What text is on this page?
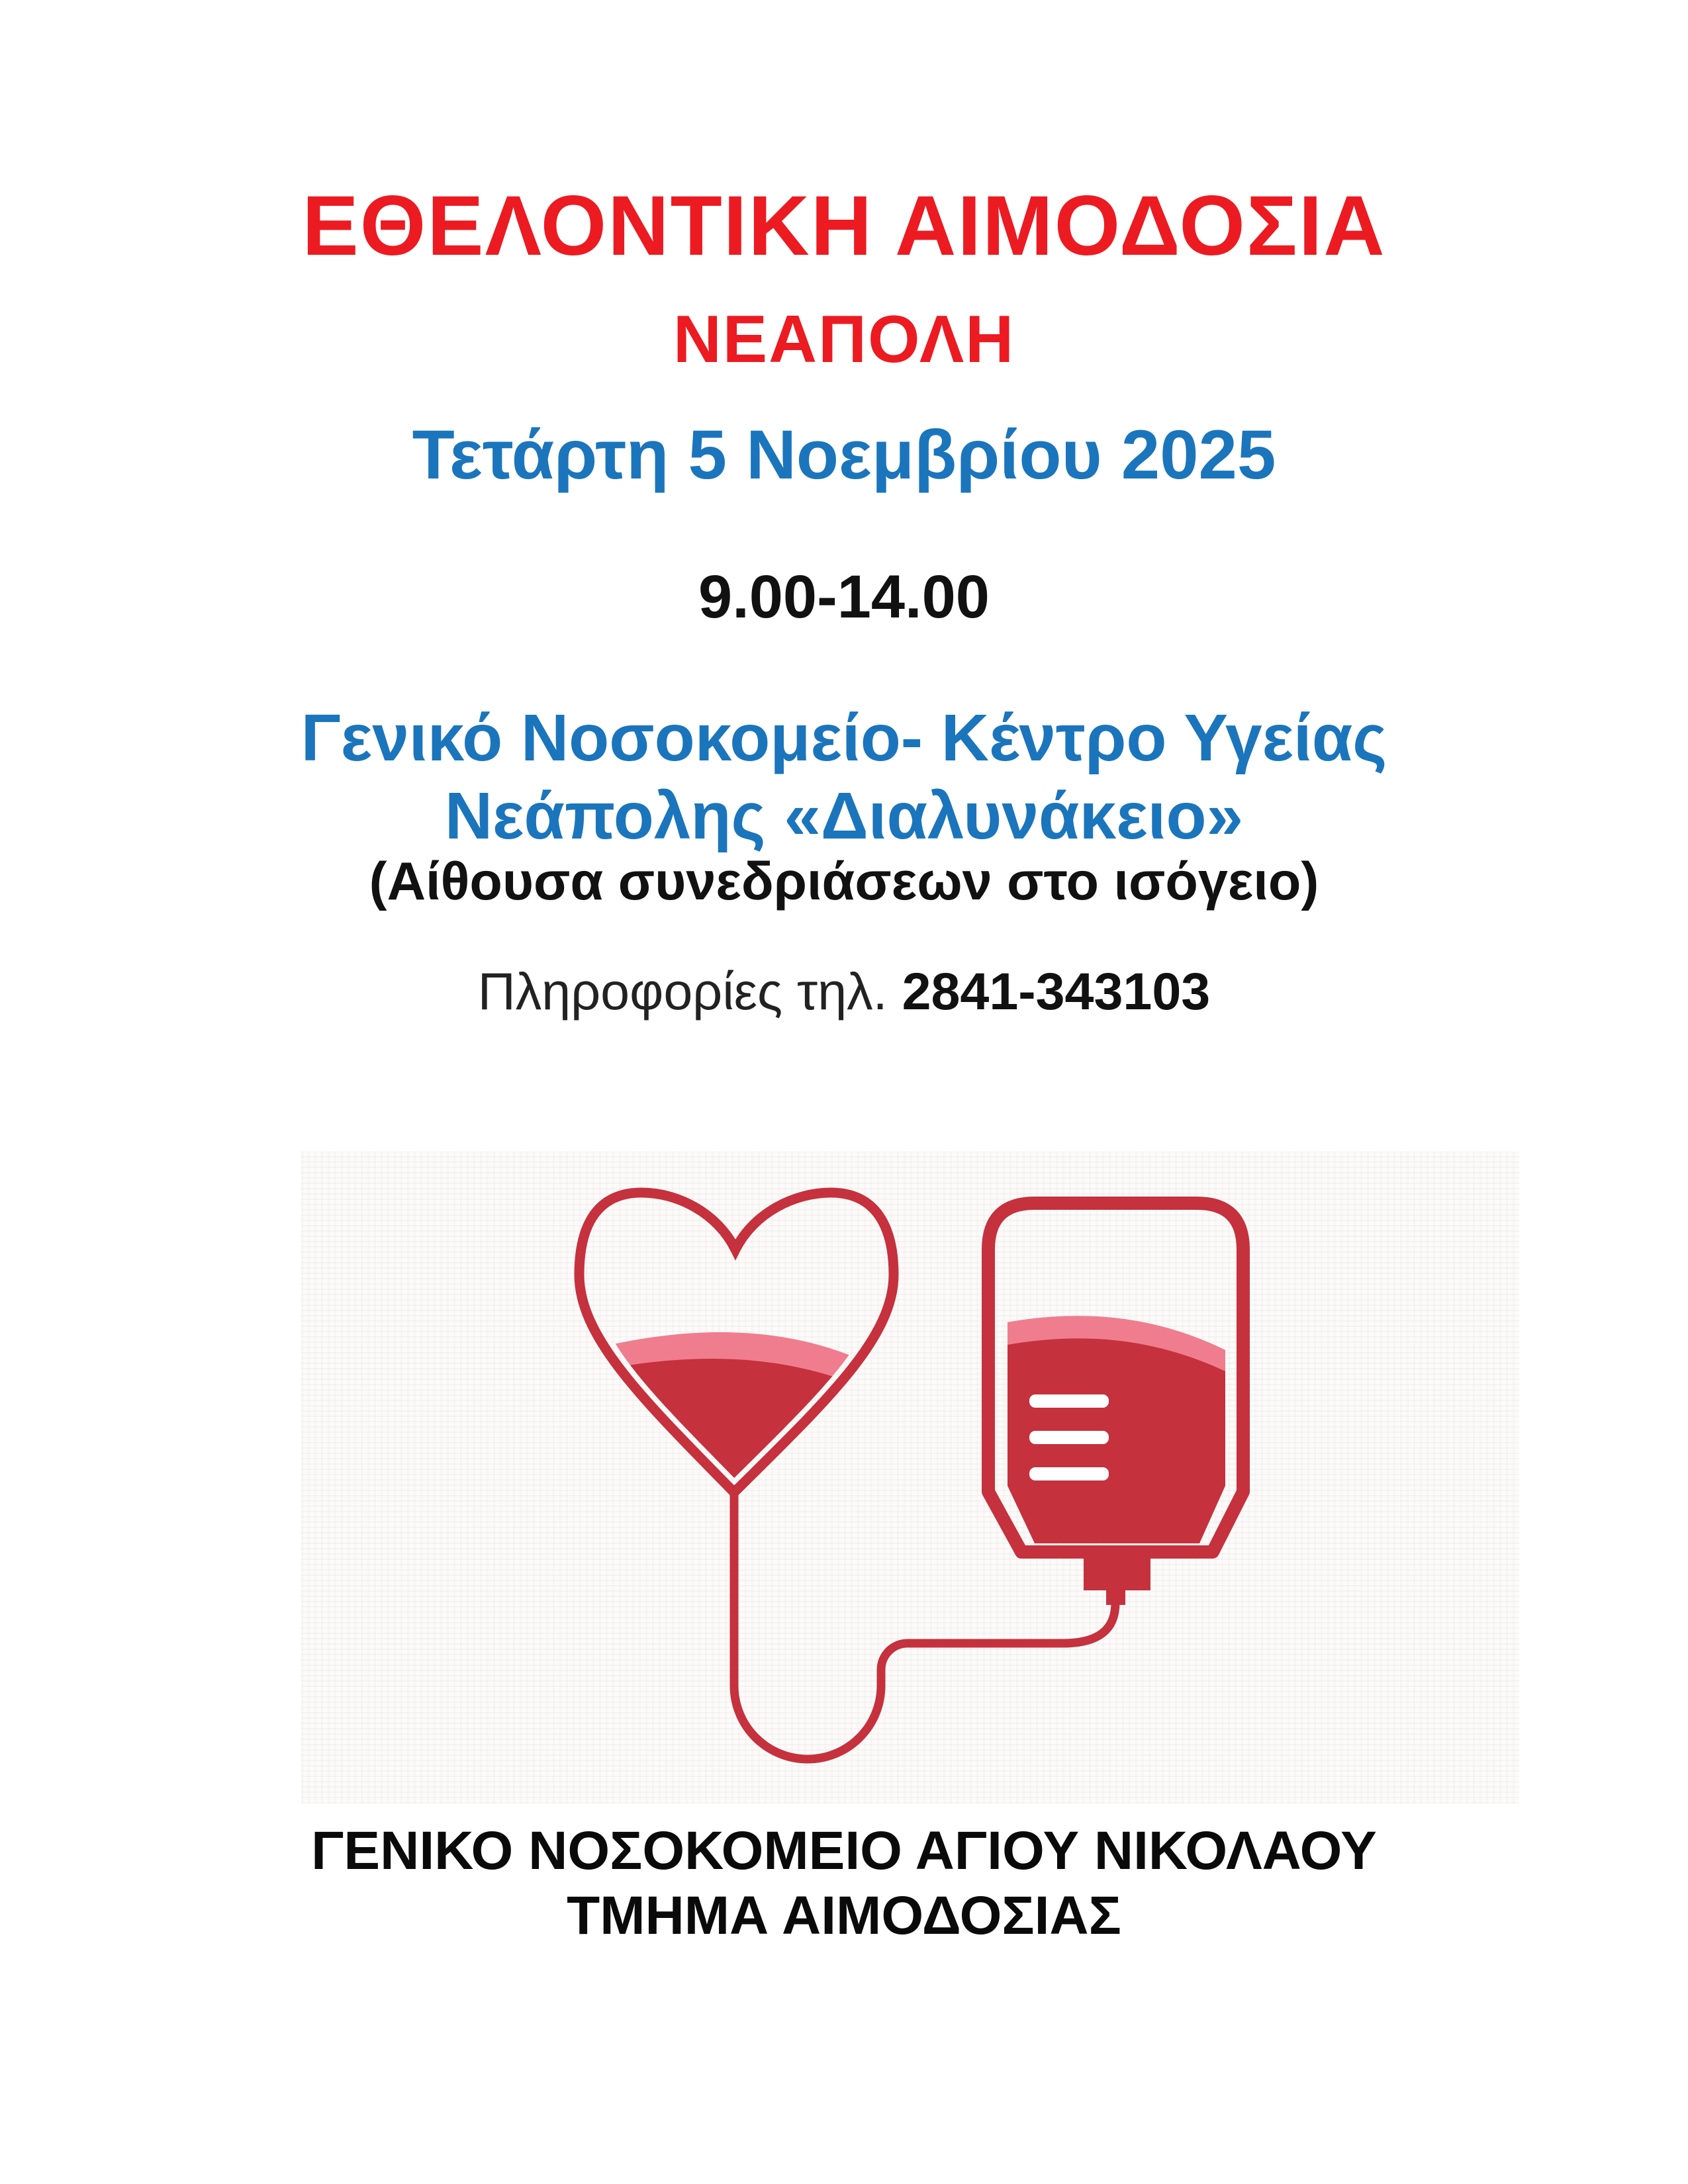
ΕΘΕΛΟΝΤΙΚΗ ΑΙΜΟΔΟΣΙΑ
ΝΕΑΠΟΛΗ
Τετάρτη 5 Νοεμβρίου 2025
9.00-14.00
Γενικό Νοσοκομείο- Κέντρο Υγείας
Νεάπολης «Διαλυνάκειο»
(Αίθουσα συνεδριάσεων στο ισόγειο)
Πληροφορίες τηλ. 2841-343103
ΓΕΝΙΚΟ ΝΟΣΟΚΟΜΕΙΟ ΑΓΙΟΥ ΝΙΚΟΛΑΟΥ
ΤΜΗΜΑ ΑΙΜΟΔΟΣΙΑΣ
